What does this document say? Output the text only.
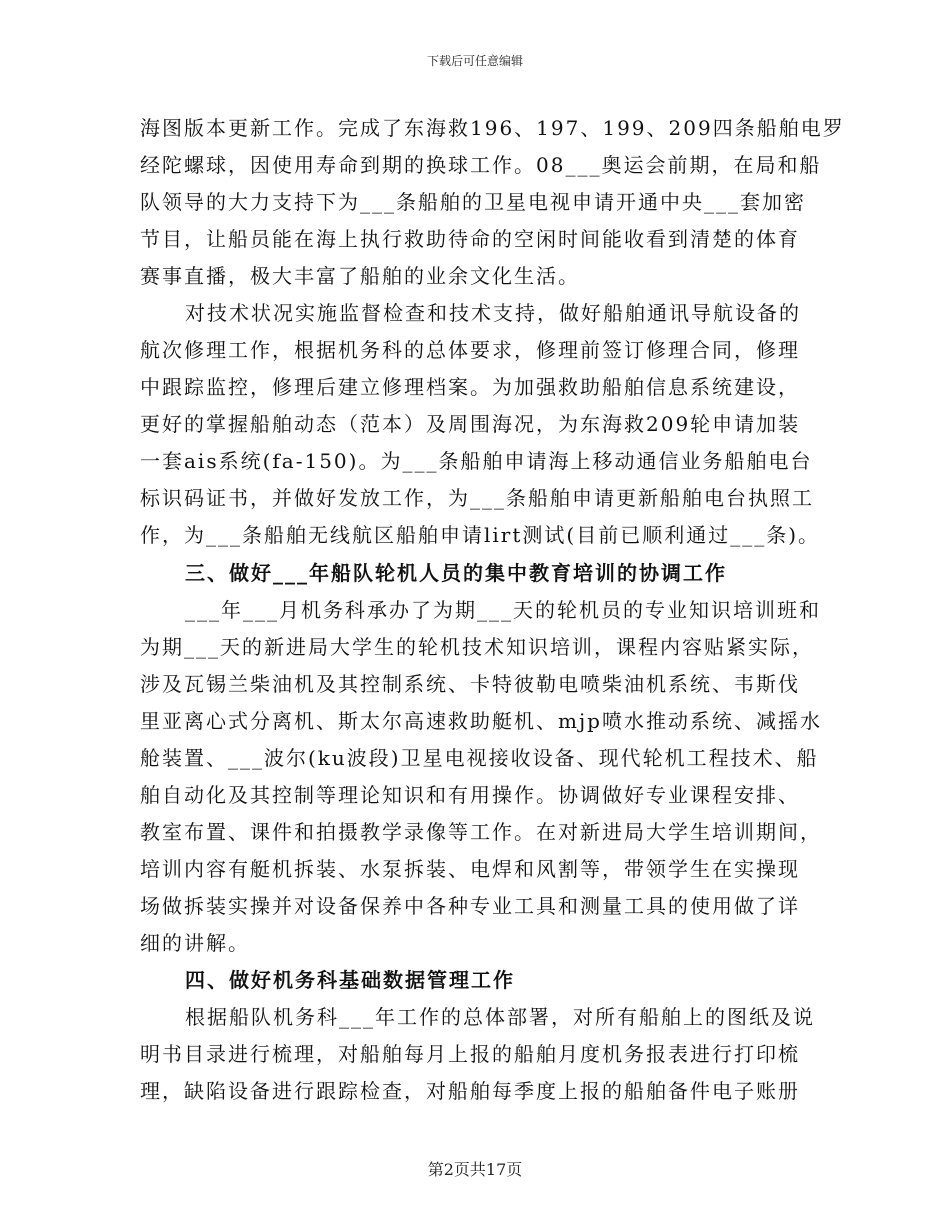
下载后可任意编辑
海图版本更新工作。完成了东海救196、197、199、209四条船舶电罗
经陀螺球，因使用寿命到期的换球工作。08___奥运会前期，在局和船
队领导的大力支持下为___条船舶的卫星电视申请开通中央___套加密
节目，让船员能在海上执行救助待命的空闲时间能收看到清楚的体育
赛事直播，极大丰富了船舶的业余文化生活。
对技术状况实施监督检查和技术支持，做好船舶通讯导航设备的
航次修理工作，根据机务科的总体要求，修理前签订修理合同，修理
中跟踪监控，修理后建立修理档案。为加强救助船舶信息系统建设，
更好的掌握船舶动态（范本）及周围海况，为东海救209轮申请加装
一套ais系统(fa-150)。为___条船舶申请海上移动通信业务船舶电台
标识码证书，并做好发放工作，为___条船舶申请更新船舶电台执照工
作，为___条船舶无线航区船舶申请lirt测试(目前已顺利通过___条)。
三、做好___年船队轮机人员的集中教育培训的协调工作
___年___月机务科承办了为期___天的轮机员的专业知识培训班和
为期___天的新进局大学生的轮机技术知识培训，课程内容贴紧实际，
涉及瓦锡兰柴油机及其控制系统、卡特彼勒电喷柴油机系统、韦斯伐
里亚离心式分离机、斯太尔高速救助艇机、mjp喷水推动系统、减摇水
舱装置、___波尔(ku波段)卫星电视接收设备、现代轮机工程技术、船
舶自动化及其控制等理论知识和有用操作。协调做好专业课程安排、
教室布置、课件和拍摄教学录像等工作。在对新进局大学生培训期间，
培训内容有艇机拆装、水泵拆装、电焊和风割等，带领学生在实操现
场做拆装实操并对设备保养中各种专业工具和测量工具的使用做了详
细的讲解。
四、做好机务科基础数据管理工作
根据船队机务科___年工作的总体部署，对所有船舶上的图纸及说
明书目录进行梳理，对船舶每月上报的船舶月度机务报表进行打印梳
理，缺陷设备进行跟踪检查，对船舶每季度上报的船舶备件电子账册
第2页共17页
